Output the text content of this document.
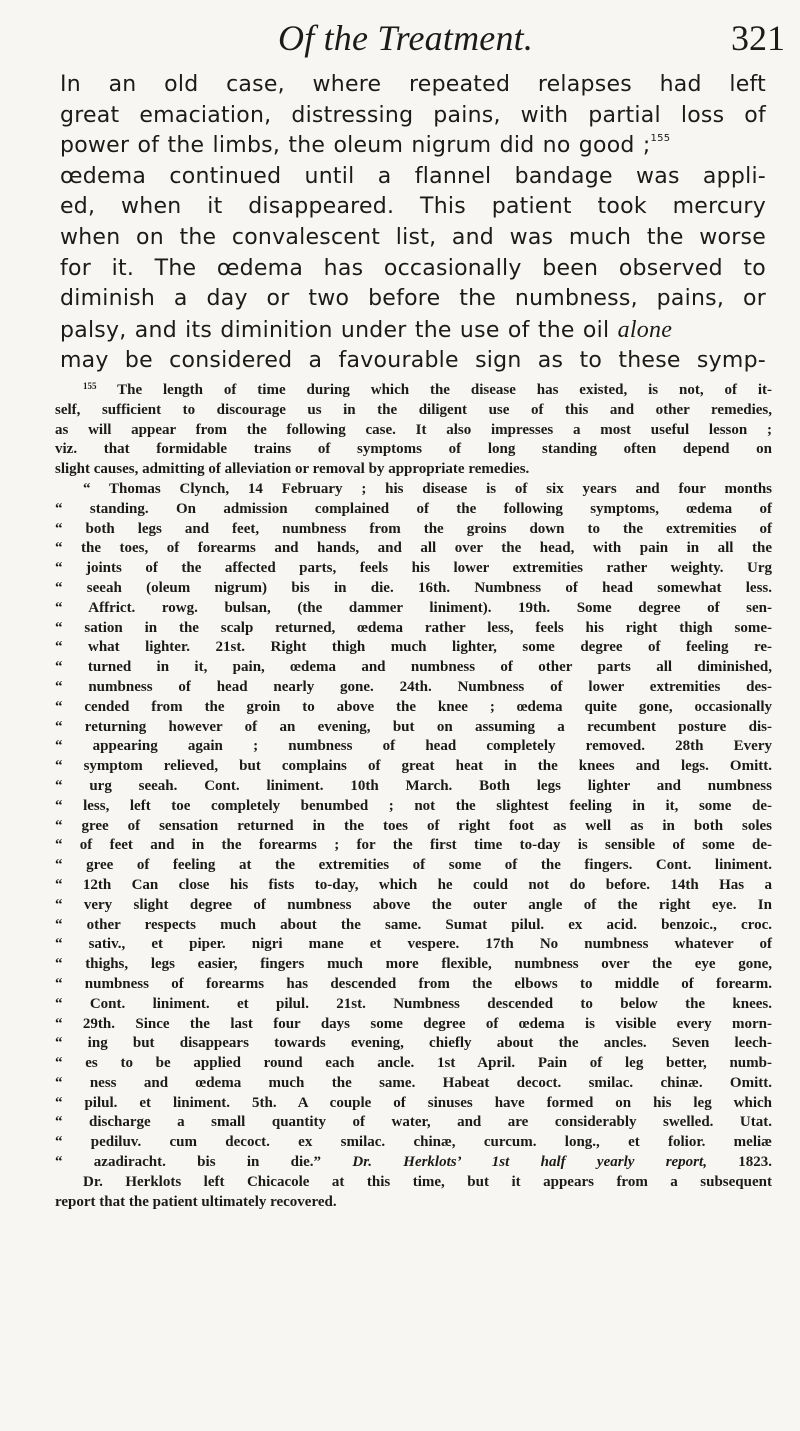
Of the Treatment.	321
In an old case, where repeated relapses had left
great emaciation, distressing pains, with partial loss of
power of the limbs, the oleum nigrum did no good ;$^{155}$
œdema continued until a flannel bandage was appli-
ed, when it disappeared. This patient took mercury
when on the convalescent list, and was much the worse
for it. The œdema has occasionally been observed to
diminish a day or two before the numbness, pains, or
palsy, and its diminition under the use of the oil alone
may be considered a favourable sign as to these symp-
$^{155}$ The length of time during which the disease has existed, is not, of it-
self, sufficient to discourage us in the diligent use of this and other remedies,
as will appear from the following case. It also impresses a most useful lesson ;
viz. that formidable trains of symptoms of long standing often depend on
slight causes, admitting of alleviation or removal by appropriate remedies.
“ Thomas Clynch, 14 February ; his disease is of six years and four months
“ standing. On admission complained of the following symptoms, œdema of
“ both legs and feet, numbness from the groins down to the extremities of
“ the toes, of forearms and hands, and all over the head, with pain in all the
“ joints of the affected parts, feels his lower extremities rather weighty. Urg
“ seeah (oleum nigrum) bis in die. 16th. Numbness of head somewhat less.
“ Affrict. rowg. bulsan, (the dammer liniment). 19th. Some degree of sen-
“ sation in the scalp returned, œdema rather less, feels his right thigh some-
“ what lighter. 21st. Right thigh much lighter, some degree of feeling re-
“ turned in it, pain, œdema and numbness of other parts all diminished,
“ numbness of head nearly gone. 24th. Numbness of lower extremities des-
“ cended from the groin to above the knee ; œdema quite gone, occasionally
“ returning however of an evening, but on assuming a recumbent posture dis-
“ appearing again ; numbness of head completely removed. 28th Every
“ symptom relieved, but complains of great heat in the knees and legs. Omitt.
“ urg seeah. Cont. liniment. 10th March. Both legs lighter and numbness
“ less, left toe completely benumbed ; not the slightest feeling in it, some de-
“ gree of sensation returned in the toes of right foot as well as in both soles
“ of feet and in the forearms ; for the first time to-day is sensible of some de-
“ gree of feeling at the extremities of some of the fingers. Cont. liniment.
“ 12th Can close his fists to-day, which he could not do before. 14th Has a
“ very slight degree of numbness above the outer angle of the right eye. In
“ other respects much about the same. Sumat pilul. ex acid. benzoic., croc.
“ sativ., et piper. nigri mane et vespere. 17th No numbness whatever of
“ thighs, legs easier, fingers much more flexible, numbness over the eye gone,
“ numbness of forearms has descended from the elbows to middle of forearm.
“ Cont. liniment. et pilul. 21st. Numbness descended to below the knees.
“ 29th. Since the last four days some degree of œdema is visible every morn-
“ ing but disappears towards evening, chiefly about the ancles. Seven leech-
“ es to be applied round each ancle. 1st April. Pain of leg better, numb-
“ ness and œdema much the same. Habeat decoct. smilac. chinæ. Omitt.
“ pilul. et liniment. 5th. A couple of sinuses have formed on his leg which
“ discharge a small quantity of water, and are considerably swelled. Utat.
“ pediluv. cum decoct. ex smilac. chinæ, curcum. long., et folior. meliæ
“ azadiracht. bis in die.” Dr. Herklots’ 1st half yearly report, 1823.
Dr. Herklots left Chicacole at this time, but it appears from a subsequent
report that the patient ultimately recovered.
